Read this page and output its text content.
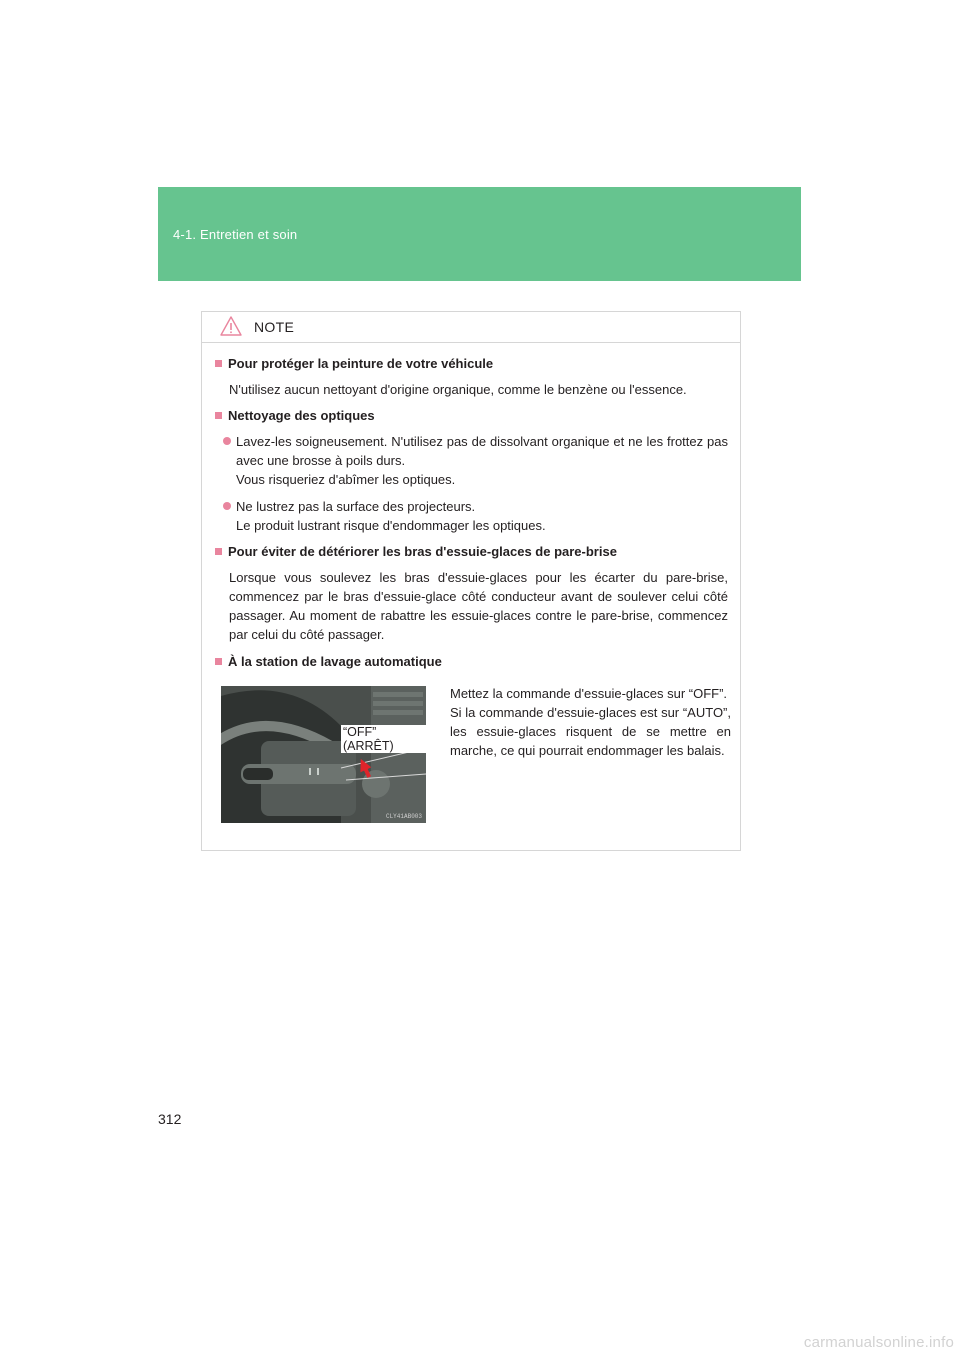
4-1. Entretien et soin
NOTE
Pour protéger la peinture de votre véhicule
N'utilisez aucun nettoyant d'origine organique, comme le benzène ou l'essence.
Nettoyage des optiques
Lavez-les soigneusement. N'utilisez pas de dissolvant organique et ne les frottez pas avec une brosse à poils durs.
Vous risqueriez d'abîmer les optiques.
Ne lustrez pas la surface des projecteurs.
Le produit lustrant risque d'endommager les optiques.
Pour éviter de détériorer les bras d'essuie-glaces de pare-brise
Lorsque vous soulevez les bras d'essuie-glaces pour les écarter du pare-brise, commencez par le bras d'essuie-glace côté conducteur avant de soulever celui côté passager. Au moment de rabattre les essuie-glaces contre le pare-brise, commencez par celui du côté passager.
À la station de lavage automatique
“OFF” (ARRÊT)
CLY41AB003
Mettez la commande d'essuie-glaces sur “OFF”.
Si la commande d'essuie-glaces est sur “AUTO”, les essuie-glaces risquent de se mettre en marche, ce qui pourrait endommager les balais.
312
carmanualsonline.info
